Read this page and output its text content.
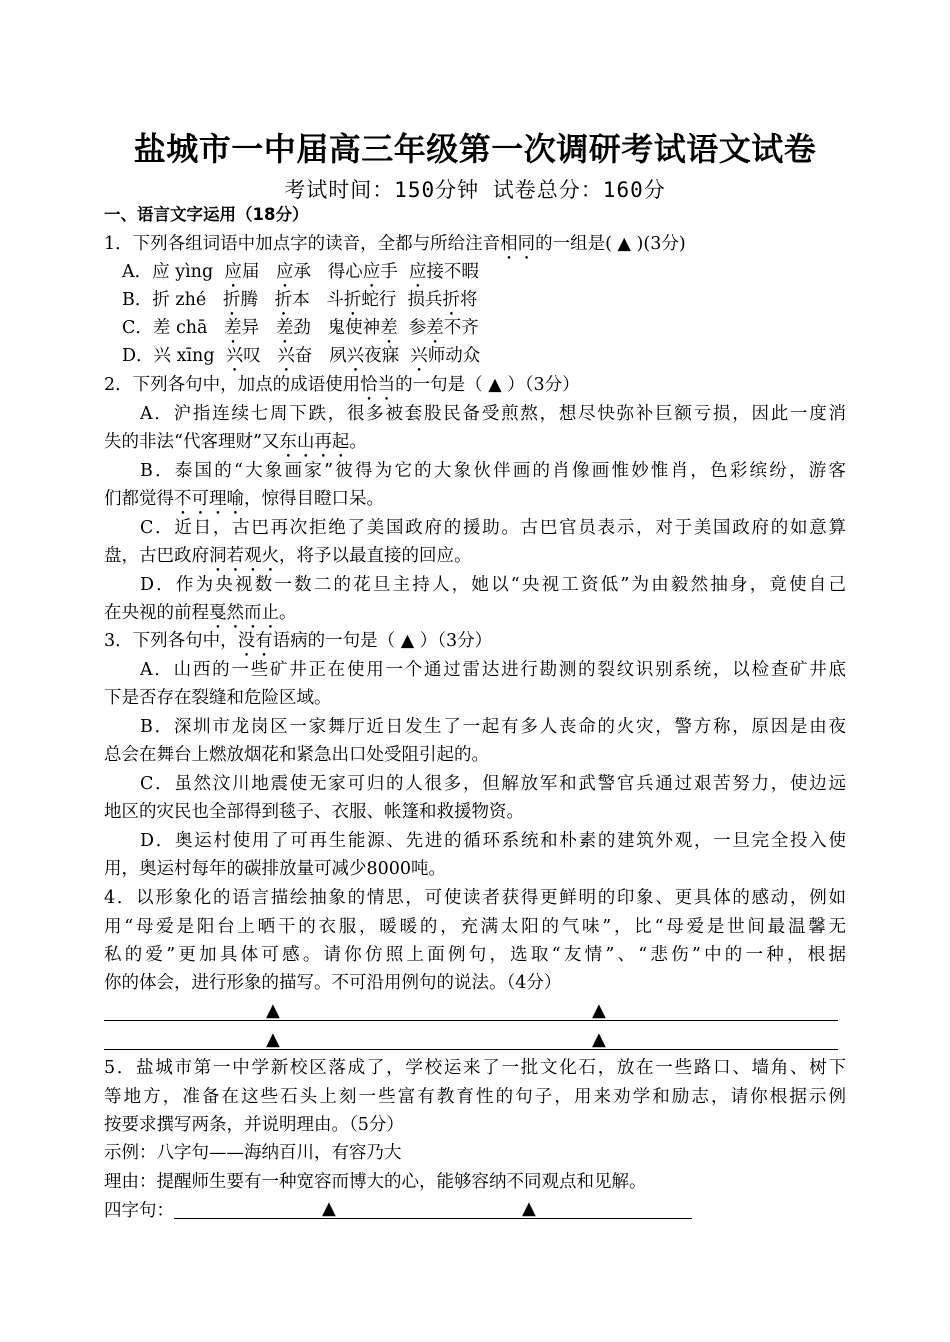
盐城市一中届高三年级第一次调研考试语文试卷
考试时间：150分钟 试卷总分：160分
一、语言文字运用（18分）
1．下列各组词语中加点字的读音，全都与所给注音相同的一组是( ▲ )(3分)
A．应 yìng 应届   应承   得心应手  应接不暇
B．折 zhé 折腾   折本   斗折蛇行  损兵折将
C．差 chā 差异   差劲   鬼使神差  参差不齐
D．兴 xīng 兴叹   兴奋   夙兴夜寐  兴师动众
2．下列各句中，加点的成语使用恰当的一句是（ ▲ ）（3分）
A．沪指连续七周下跌，很多被套股民备受煎熬，想尽快弥补巨额亏损，因此一度消
失的非法“代客理财”又东山再起。
B．泰国的“大象画家”彼得为它的大象伙伴画的肖像画惟妙惟肖，色彩缤纷，游客
们都觉得不可理喻，惊得目瞪口呆。
C．近日，古巴再次拒绝了美国政府的援助。古巴官员表示，对于美国政府的如意算
盘，古巴政府洞若观火，将予以最直接的回应。
D．作为央视数一数二的花旦主持人，她以“央视工资低”为由毅然抽身，竟使自己
在央视的前程戛然而止。
3．下列各句中，没有语病的一句是（ ▲ ）（3分）
A．山西的一些矿井正在使用一个通过雷达进行勘测的裂纹识别系统，以检查矿井底
下是否存在裂缝和危险区域。
B．深圳市龙岗区一家舞厅近日发生了一起有多人丧命的火灾，警方称，原因是由夜
总会在舞台上燃放烟花和紧急出口处受阻引起的。
C．虽然汶川地震使无家可归的人很多，但解放军和武警官兵通过艰苦努力，使边远
地区的灾民也全部得到毯子、衣服、帐篷和救援物资。
D．奥运村使用了可再生能源、先进的循环系统和朴素的建筑外观，一旦完全投入使
用，奥运村每年的碳排放量可减少8000吨。
4．以形象化的语言描绘抽象的情思，可使读者获得更鲜明的印象、更具体的感动，例如
用“母爱是阳台上晒干的衣服，暖暖的，充满太阳的气味”，比“母爱是世间最温馨无
私的爱”更加具体可感。请你仿照上面例句，选取“友情”、“悲伤”中的一种，根据
你的体会，进行形象的描写。不可沿用例句的说法。（4分）
▲	▲
▲	▲
5．盐城市第一中学新校区落成了，学校运来了一批文化石，放在一些路口、墙角、树下
等地方，准备在这些石头上刻一些富有教育性的句子，用来劝学和励志，请你根据示例
按要求撰写两条，并说明理由。（5分）
示例：八字句——海纳百川，有容乃大
理由：提醒师生要有一种宽容而博大的心，能够容纳不同观点和见解。
四字句：	▲	▲
